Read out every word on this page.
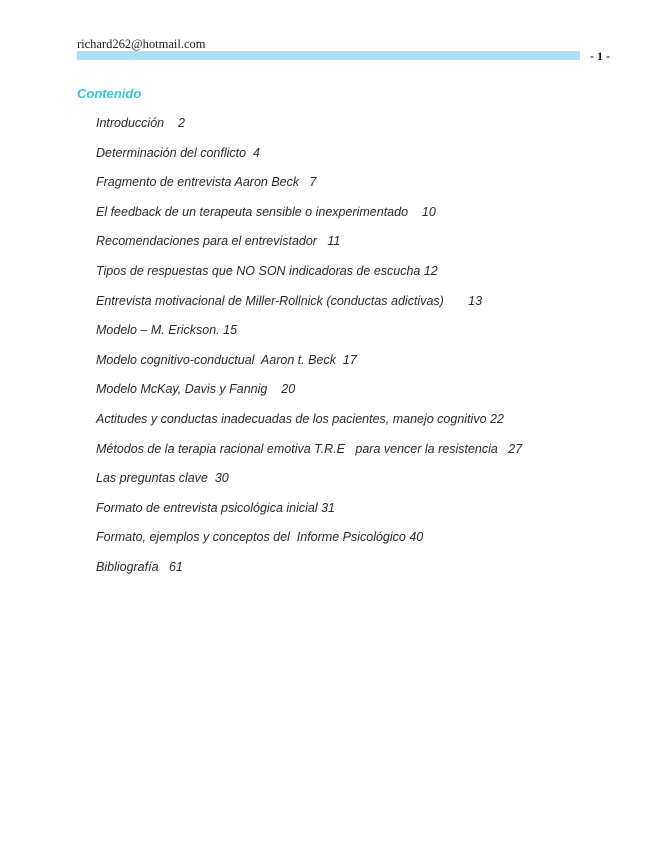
richard262@hotmail.com
- 1 -
Contenido
Introducción    2
Determinación del conflicto  4
Fragmento de entrevista Aaron Beck   7
El feedback de un terapeuta sensible o inexperimentado    10
Recomendaciones para el entrevistador   11
Tipos de respuestas que NO SON indicadoras de escucha 12
Entrevista motivacional de Miller-Rollnick (conductas adictivas)       13
Modelo – M. Erickson. 15
Modelo cognitivo-conductual  Aaron t. Beck  17
Modelo McKay, Davis y Fannig    20
Actitudes y conductas inadecuadas de los pacientes, manejo cognitivo 22
Métodos de la terapia racional emotiva T.R.E   para vencer la resistencia   27
Las preguntas clave  30
Formato de entrevista psicológica inicial 31
Formato, ejemplos y conceptos del  Informe Psicológico 40
Bibliografía   61
